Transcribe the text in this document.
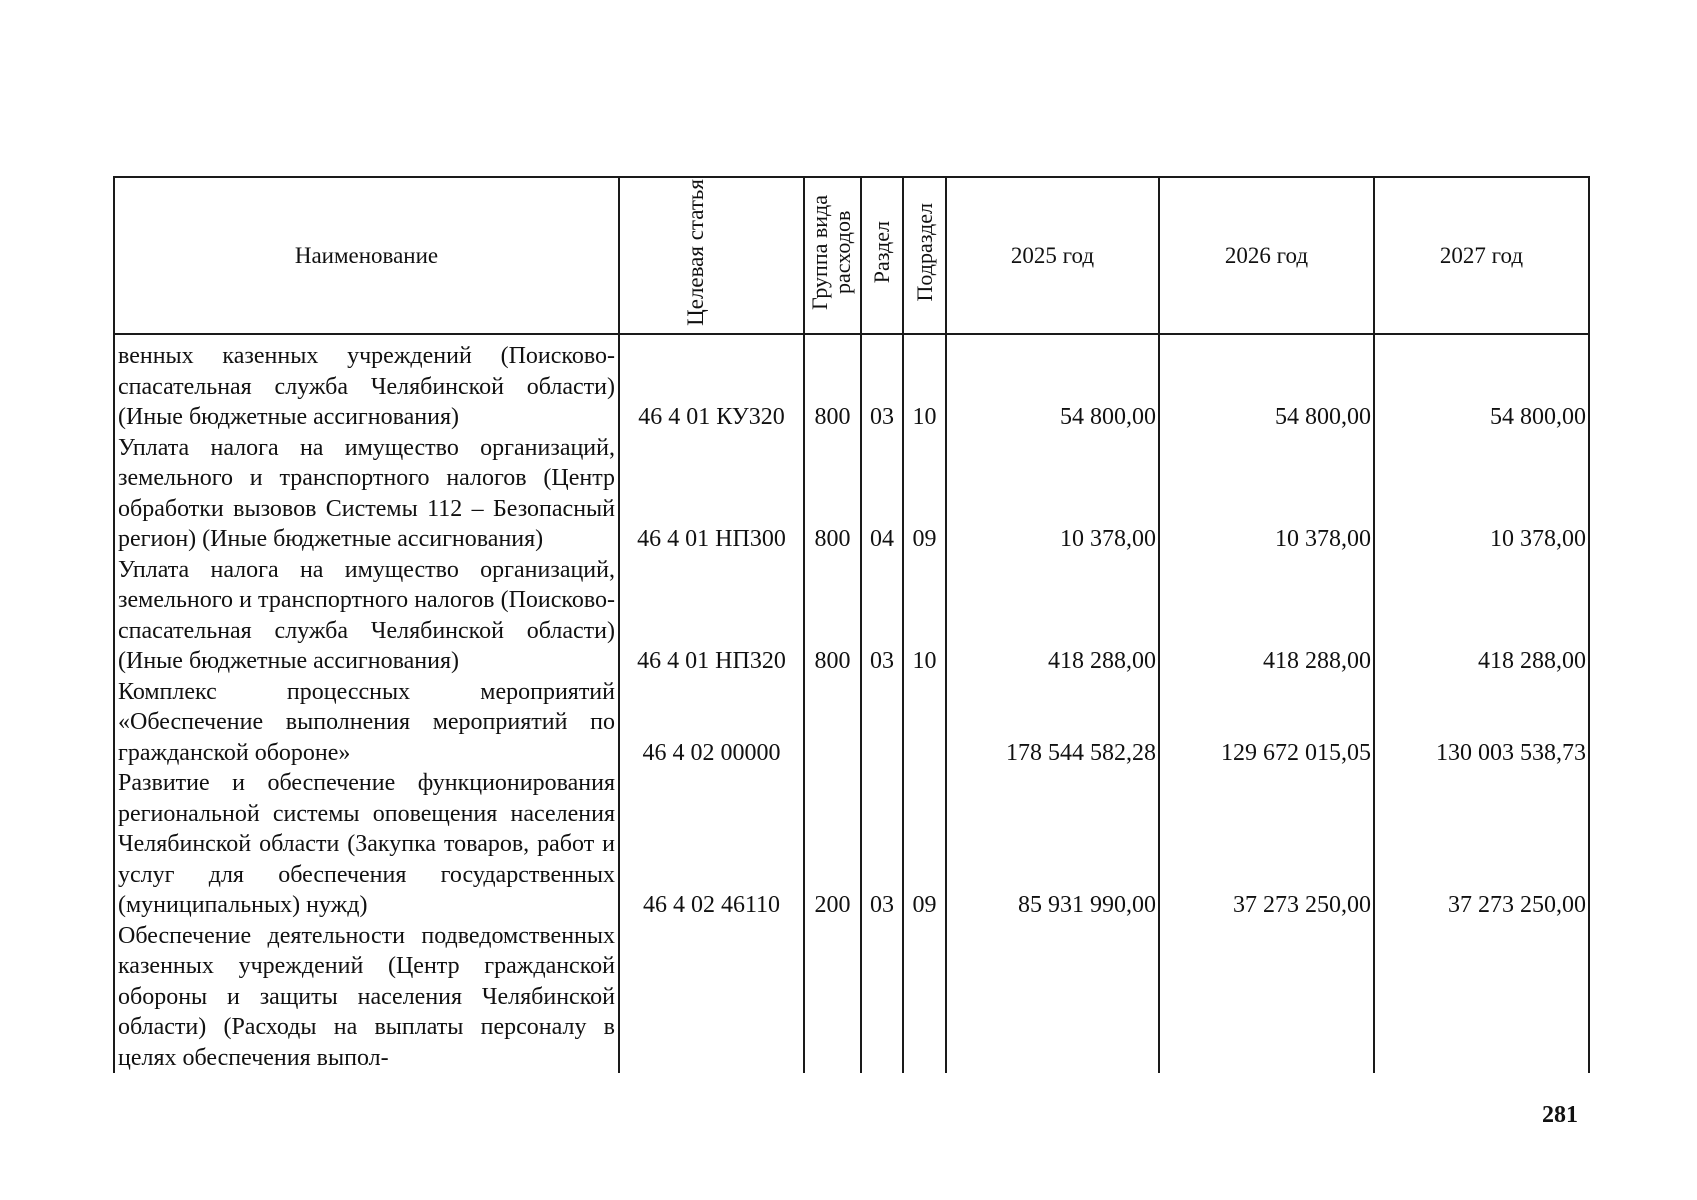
Наименование	Целевая статья	Группа вида расходов	Раздел	Подраздел	2025 год	2026 год	2027 год
венных казенных учреждений (Поисково-спасательная служба Челябинской области) (Иные бюджетные ассигнования)	46 4 01 КУ320	800	03	10	54 800,00	54 800,00	54 800,00
Уплата налога на имущество организаций, земельного и транспортного налогов (Центр обработки вызовов Системы 112 – Безопасный регион) (Иные бюджетные ассигнования)	46 4 01 НП300	800	04	09	10 378,00	10 378,00	10 378,00
Уплата налога на имущество организаций, земельного и транспортного налогов (Поисково-спасательная служба Челябинской области) (Иные бюджетные ассигнования)	46 4 01 НП320	800	03	10	418 288,00	418 288,00	418 288,00
Комплекс процессных мероприятий «Обеспечение выполнения мероприятий по гражданской обороне»	46 4 02 00000				178 544 582,28	129 672 015,05	130 003 538,73
Развитие и обеспечение функционирования региональной системы оповещения населения Челябинской области (Закупка товаров, работ и услуг для обеспечения государственных (муниципальных) нужд)	46 4 02 46110	200	03	09	85 931 990,00	37 273 250,00	37 273 250,00
Обеспечение деятельности подведомственных казенных учреждений (Центр гражданской обороны и защиты населения Челябинской области) (Расходы на выплаты персоналу в целях обеспечения выпол-							
281
